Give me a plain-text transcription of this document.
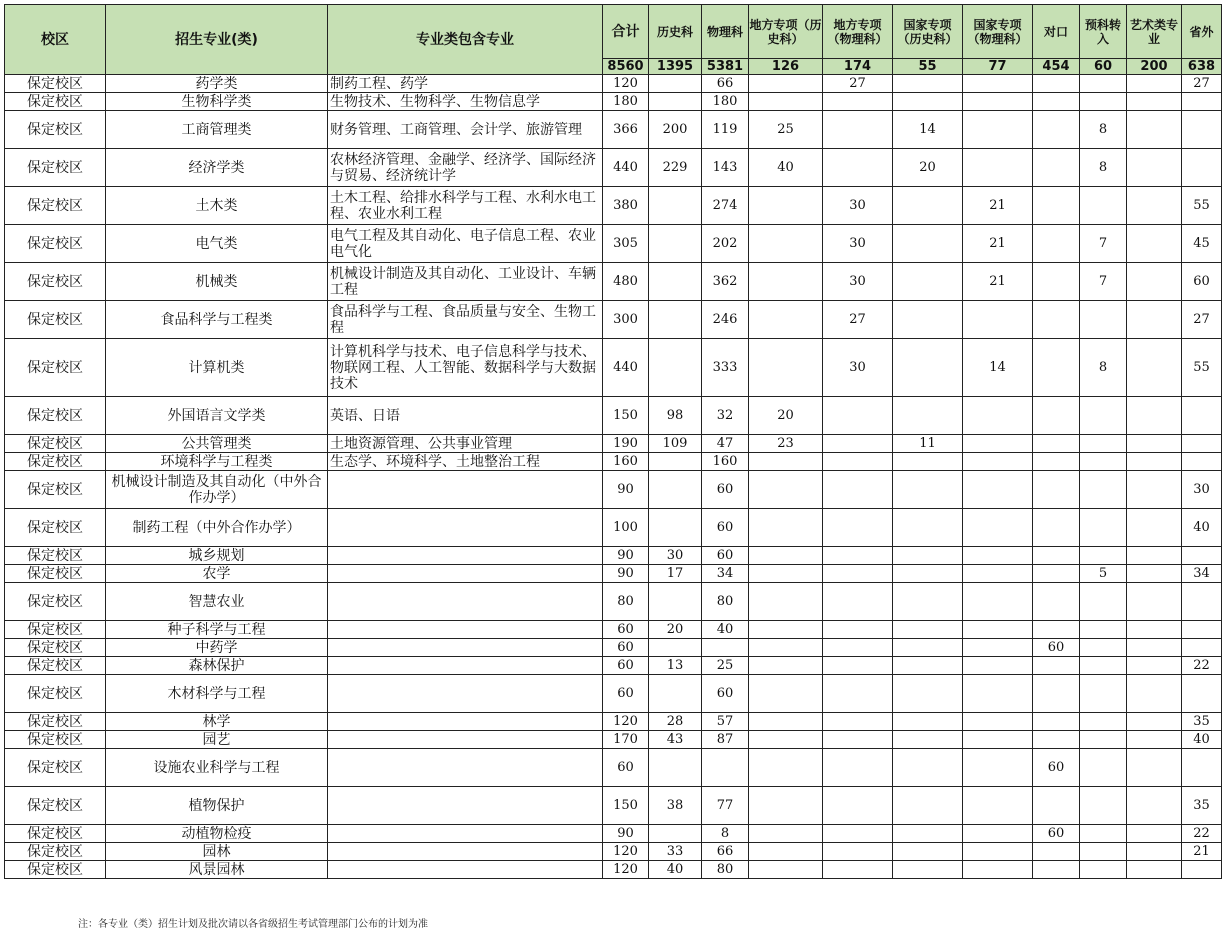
校区	招生专业(类)	专业类包含专业	合计	历史科	物理科	地方专项（历史科）	地方专项（物理科）	国家专项（历史科）	国家专项（物理科）	对口	预科转入	艺术类专业	省外
			8560	1395	5381	126	174	55	77	454	60	200	638
保定校区	药学类	制药工程、药学	120		66		27						27
保定校区	生物科学类	生物技术、生物科学、生物信息学	180		180								
保定校区	工商管理类	财务管理、工商管理、会计学、旅游管理	366	200	119	25		14			8		
保定校区	经济学类	农林经济管理、金融学、经济学、国际经济与贸易、经济统计学	440	229	143	40		20			8		
保定校区	土木类	土木工程、给排水科学与工程、水利水电工程、农业水利工程	380		274		30		21				55
保定校区	电气类	电气工程及其自动化、电子信息工程、农业电气化	305		202		30		21		7		45
保定校区	机械类	机械设计制造及其自动化、工业设计、车辆工程	480		362		30		21		7		60
保定校区	食品科学与工程类	食品科学与工程、食品质量与安全、生物工程	300		246		27						27
保定校区	计算机类	计算机科学与技术、电子信息科学与技术、物联网工程、人工智能、数据科学与大数据技术	440		333		30		14		8		55
保定校区	外国语言文学类	英语、日语	150	98	32	20							
保定校区	公共管理类	土地资源管理、公共事业管理	190	109	47	23		11					
保定校区	环境科学与工程类	生态学、环境科学、土地整治工程	160		160								
保定校区	机械设计制造及其自动化（中外合作办学）		90		60								30
保定校区	制药工程（中外合作办学）		100		60								40
保定校区	城乡规划		90	30	60								
保定校区	农学		90	17	34						5		34
保定校区	智慧农业		80		80								
保定校区	种子科学与工程		60	20	40								
保定校区	中药学		60							60			
保定校区	森林保护		60	13	25								22
保定校区	木材科学与工程		60		60								
保定校区	林学		120	28	57								35
保定校区	园艺		170	43	87								40
保定校区	设施农业科学与工程		60							60			
保定校区	植物保护		150	38	77								35
保定校区	动植物检疫		90		8					60			22
保定校区	园林		120	33	66								21
保定校区	风景园林		120	40	80								
注：各专业（类）招生计划及批次请以各省级招生考试管理部门公布的计划为准
